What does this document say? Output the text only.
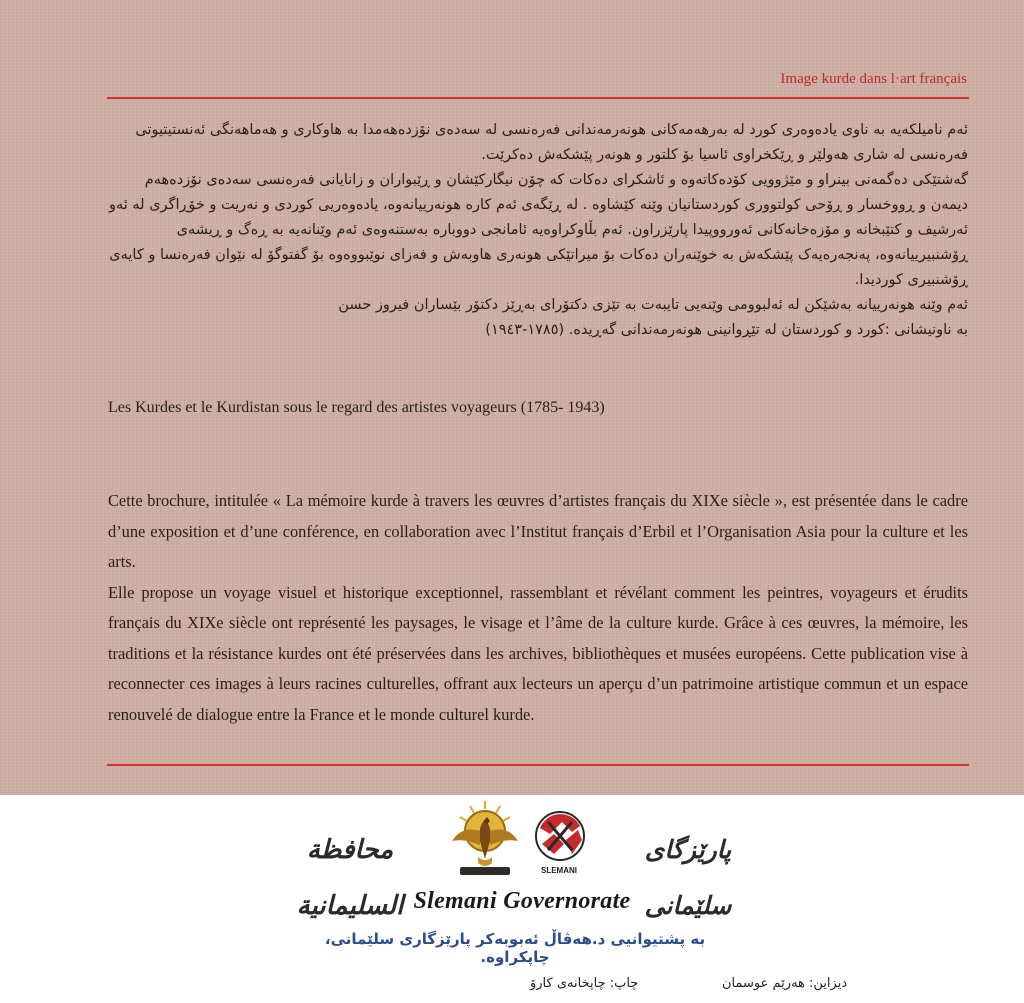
Image kurde dans l·art français

ئەم نامیلکەیە بە ناوی یادەوەری کورد لە بەرهەمەکانی هونەرمەندانی فەرەنسی لە سەدەی نۆزدەهەمدا بە هاوکاری و هەماهەنگی ئەنستیتیوتی فەرەنسی لە شاری هەولێر و ڕێکخراوی ئاسیا بۆ کلتور و هونەر پێشکەش دەکرێت.

گەشتێکی دەگمەنی بینراو و مێژوویی کۆدەکاتەوە و ئاشکرای دەکات کە چۆن نیگارکێشان و ڕێبواران و زانایانی فەرەنسی سەدەی نۆزدەهەم دیمەن و ڕووخسار و ڕۆحی کولتووری کوردستانیان وێنە کێشاوە . لە ڕێگەی ئەم کارە هونەرییانەوە، یادەوەریی کوردی و نەریت و خۆڕاگری لە ئەو ئەرشیف و کتێبخانە و مۆزەخانەکانی ئەورووپیدا پارێزراون. ئەم بڵاوکراوەیە ئامانجی دووبارە بەستنەوەی ئەم وێنانەیە بە ڕەگ و ڕیشەی ڕۆشنبیرییانەوە، پەنجەرەیەک پێشکەش بە خوێنەران دەکات بۆ میراتێکی هونەری هاوبەش و فەزای نوێبووەوە بۆ گفتوگۆ لە نێوان فەرەنسا و کایەی ڕۆشنبیری کوردیدا.

ئەم وێنە هونەرییانە بەشێکن لە ئەلبوومی وێنەیی تایبەت بە تێزی دکتۆرای بەڕێز دکتۆر بێساران فیروز حسن

بە ناونیشانی :کورد و کوردستان لە تێڕوانینی هونەرمەندانی گەڕیدە. (١٧٨٥-١٩٤٣)

Les Kurdes et le Kurdistan sous le regard des artistes voyageurs (1785- 1943)

Cette brochure, intitulée « La mémoire kurde à travers les œuvres d’artistes français du XIXe siècle », est présentée dans le cadre d’une exposition et d’une conférence, en collaboration avec l’Institut français d’Erbil et l’Organisation Asia pour la culture et les arts.

Elle propose un voyage visuel et historique exceptionnel, rassemblant et révélant comment les peintres, voyageurs et érudits français du XIXe siècle ont représenté les paysages, le visage et l’âme de la culture kurde. Grâce à ces œuvres, la mémoire, les traditions et la résistance kurdes ont été préservées dans les archives, bibliothèques et musées européens. Cette publication vise à reconnecter ces images à leurs racines culturelles, offrant aux lecteurs un aperçu d’un patrimoine artistique commun et un espace renouvelé de dialogue entre la France et le monde culturel kurde.

محافظة السليمانية
SLEMANI
پارێزگای سلێمانی
Slemani Governorate
بە پشتیوانیی د.هەڤاڵ ئەبوبەکر پارێزگاری سلێمانی، چاپکراوە.
چاپ: چاپخانەی کارۆ	دیزاین: هەرێم عوسمان
